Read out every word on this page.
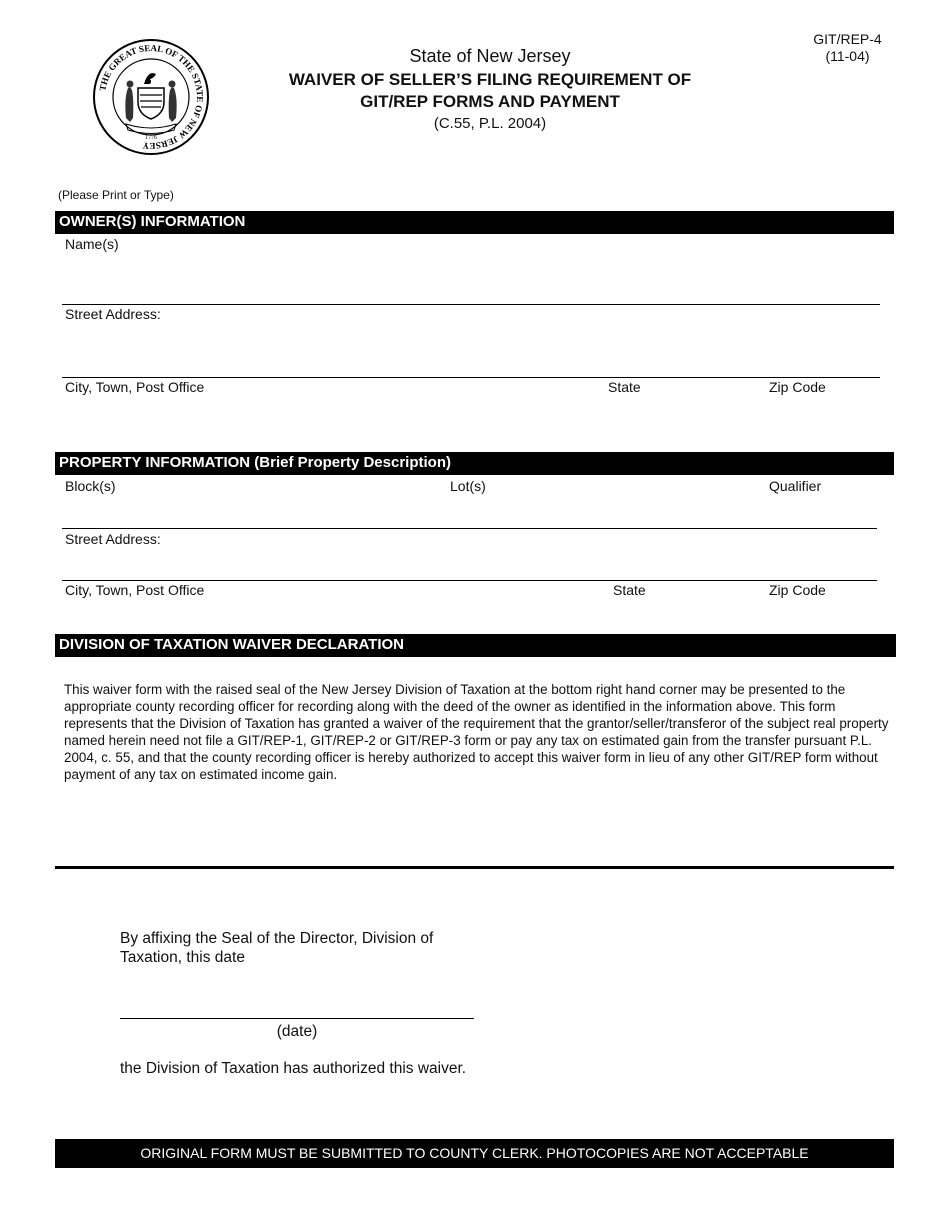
GIT/REP-4
(11-04)
THE GREAT SEAL OF THE STATE OF NEW JERSEY
1776
State of New Jersey
WAIVER OF SELLER’S FILING REQUIREMENT OF
GIT/REP FORMS AND PAYMENT
(C.55, P.L. 2004)
(Please Print or Type)
OWNER(S) INFORMATION
Name(s)
Street Address:
City, Town, Post Office	State	Zip Code
PROPERTY INFORMATION (Brief Property Description)
Block(s)	Lot(s)	Qualifier
Street Address:
City, Town, Post Office	State	Zip Code
DIVISION OF TAXATION WAIVER DECLARATION
This waiver form with the raised seal of the New Jersey Division of Taxation at the bottom right hand corner may be presented to the appropriate county recording officer for recording along with the deed of the owner as identified in the information above. This form represents that the Division of Taxation has granted a waiver of the requirement that the grantor/seller/transferor of the subject real property named herein need not file a GIT/REP-1, GIT/REP-2 or GIT/REP-3 form or pay any tax on estimated gain from the transfer pursuant P.L. 2004, c. 55, and that the county recording officer is hereby authorized to accept this waiver form in lieu of any other GIT/REP form without payment of any tax on estimated income gain.
By affixing the Seal of the Director, Division of
Taxation, this date
(date)
the Division of Taxation has authorized this waiver.
ORIGINAL FORM MUST BE SUBMITTED TO COUNTY CLERK. PHOTOCOPIES ARE NOT ACCEPTABLE
